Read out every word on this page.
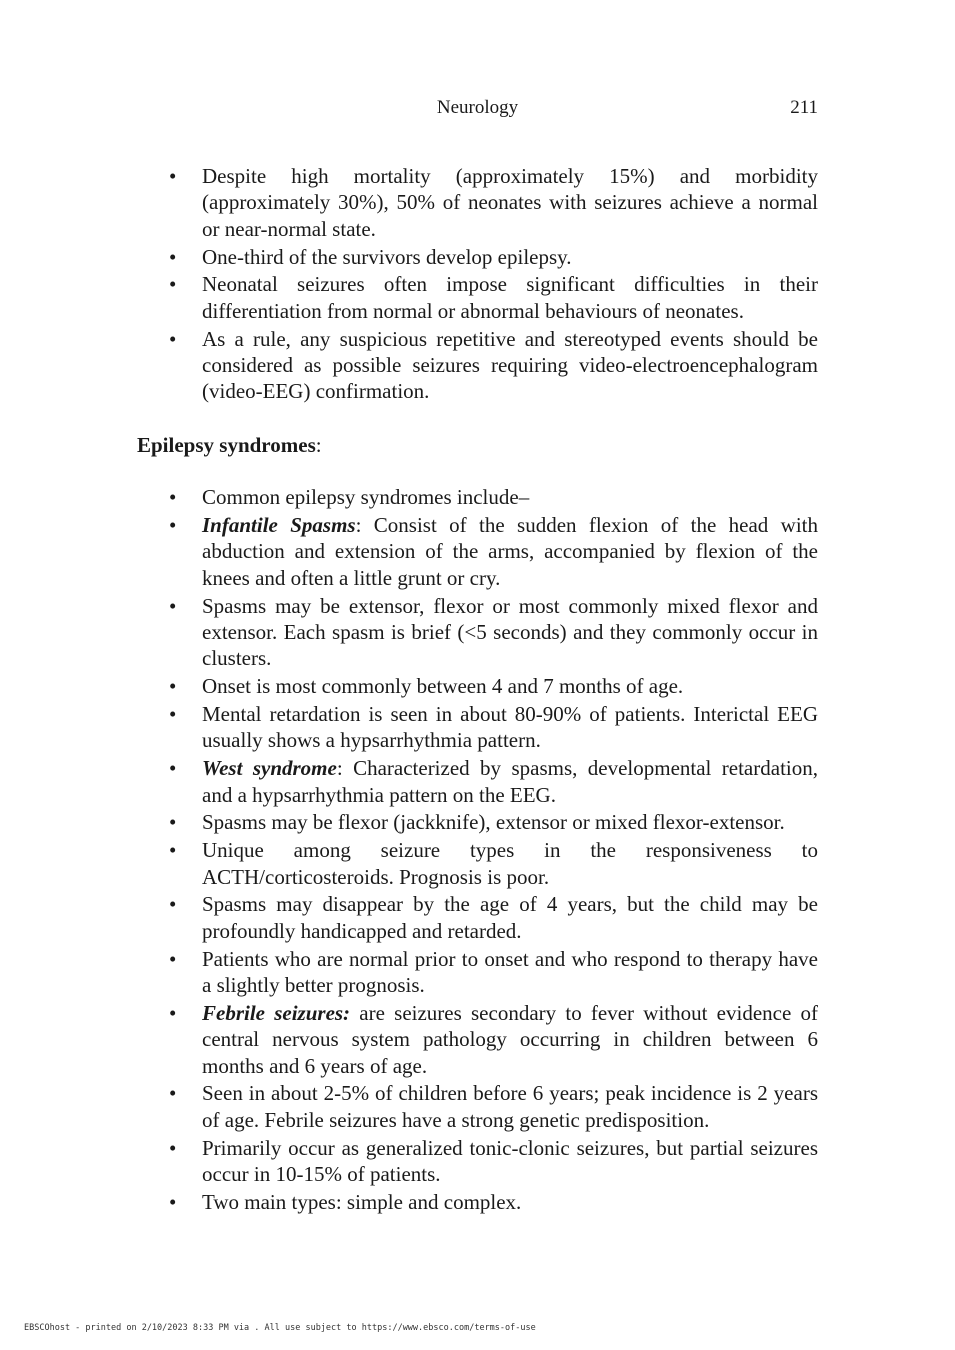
Neurology	211
• Despite high mortality (approximately 15%) and morbidity (approximately 30%), 50% of neonates with seizures achieve a normal or near-normal state.
• One-third of the survivors develop epilepsy.
• Neonatal seizures often impose significant difficulties in their differentiation from normal or abnormal behaviours of neonates.
• As a rule, any suspicious repetitive and stereotyped events should be considered as possible seizures requiring video-electroencephalogram (video-EEG) confirmation.
Epilepsy syndromes:
• Common epilepsy syndromes include–
• Infantile Spasms: Consist of the sudden flexion of the head with abduction and extension of the arms, accompanied by flexion of the knees and often a little grunt or cry.
• Spasms may be extensor, flexor or most commonly mixed flexor and extensor. Each spasm is brief (<5 seconds) and they commonly occur in clusters.
• Onset is most commonly between 4 and 7 months of age.
• Mental retardation is seen in about 80-90% of patients. Interictal EEG usually shows a hypsarrhythmia pattern.
• West syndrome: Characterized by spasms, developmental retardation, and a hypsarrhythmia pattern on the EEG.
• Spasms may be flexor (jackknife), extensor or mixed flexor-extensor.
• Unique among seizure types in the responsiveness to ACTH/corticosteroids. Prognosis is poor.
• Spasms may disappear by the age of 4 years, but the child may be profoundly handicapped and retarded.
• Patients who are normal prior to onset and who respond to therapy have a slightly better prognosis.
• Febrile seizures: are seizures secondary to fever without evidence of central nervous system pathology occurring in children between 6 months and 6 years of age.
• Seen in about 2-5% of children before 6 years; peak incidence is 2 years of age. Febrile seizures have a strong genetic predisposition.
• Primarily occur as generalized tonic-clonic seizures, but partial seizures occur in 10-15% of patients.
• Two main types: simple and complex.
EBSCOhost - printed on 2/10/2023 8:33 PM via . All use subject to https://www.ebsco.com/terms-of-use
